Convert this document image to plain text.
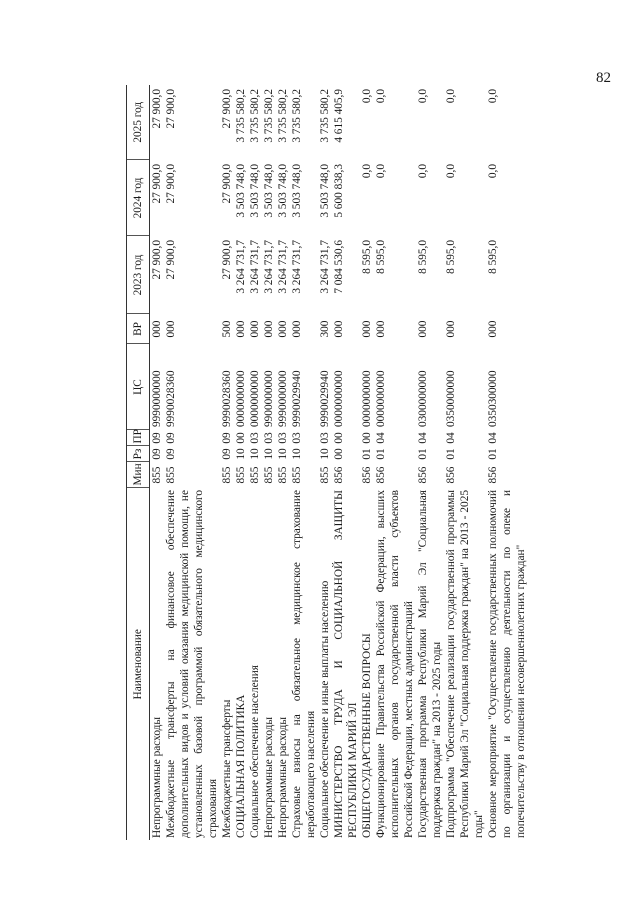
82
Наименование	Мин	Рз	ПР	ЦС	ВР	2023 год	2024 год	2025 год
Непрограммные расходы	855	09	09	9990000000	000	27 900,0	27 900,0	27 900,0
Межбюджетные трансферты на финансовое обеспечение дополнительных видов и условий оказания медицинской помощи, не установленных базовой программой обязательного медицинского страхования	855	09	09	9990028360	000	27 900,0	27 900,0	27 900,0
Межбюджетные трансферты	855	09	09	9990028360	500	27 900,0	27 900,0	27 900,0
СОЦИАЛЬНАЯ ПОЛИТИКА	855	10	00	0000000000	000	3 264 731,7	3 503 748,0	3 735 580,2
Социальное обеспечение населения	855	10	03	0000000000	000	3 264 731,7	3 503 748,0	3 735 580,2
Непрограммные расходы	855	10	03	9900000000	000	3 264 731,7	3 503 748,0	3 735 580,2
Непрограммные расходы	855	10	03	9990000000	000	3 264 731,7	3 503 748,0	3 735 580,2
Страховые взносы на обязательное медицинское страхование неработающего населения	855	10	03	9990029940	000	3 264 731,7	3 503 748,0	3 735 580,2
Социальное обеспечение и иные выплаты населению	855	10	03	9990029940	300	3 264 731,7	3 503 748,0	3 735 580,2
МИНИСТЕРСТВО ТРУДА И СОЦИАЛЬНОЙ ЗАЩИТЫ РЕСПУБЛИКИ МАРИЙ ЭЛ	856	00	00	0000000000	000	7 084 530,6	5 600 838,3	4 615 405,9
ОБЩЕГОСУДАРСТВЕННЫЕ ВОПРОСЫ	856	01	00	0000000000	000	8 595,0	0,0	0,0
Функционирование Правительства Российской Федерации, высших исполнительных органов государственной власти субъектов Российской Федерации, местных администраций	856	01	04	0000000000	000	8 595,0	0,0	0,0
Государственная программа Республики Марий Эл "Социальная поддержка граждан" на 2013 - 2025 годы	856	01	04	0300000000	000	8 595,0	0,0	0,0
Подпрограмма "Обеспечение реализации государственной программы Республики Марий Эл "Социальная поддержка граждан" на 2013 - 2025 годы"	856	01	04	0350000000	000	8 595,0	0,0	0,0
Основное мероприятие "Осуществление государственных полномочий по организации и осуществлению деятельности по опеке и попечительству в отношении несовершеннолетних граждан"	856	01	04	0350300000	000	8 595,0	0,0	0,0
